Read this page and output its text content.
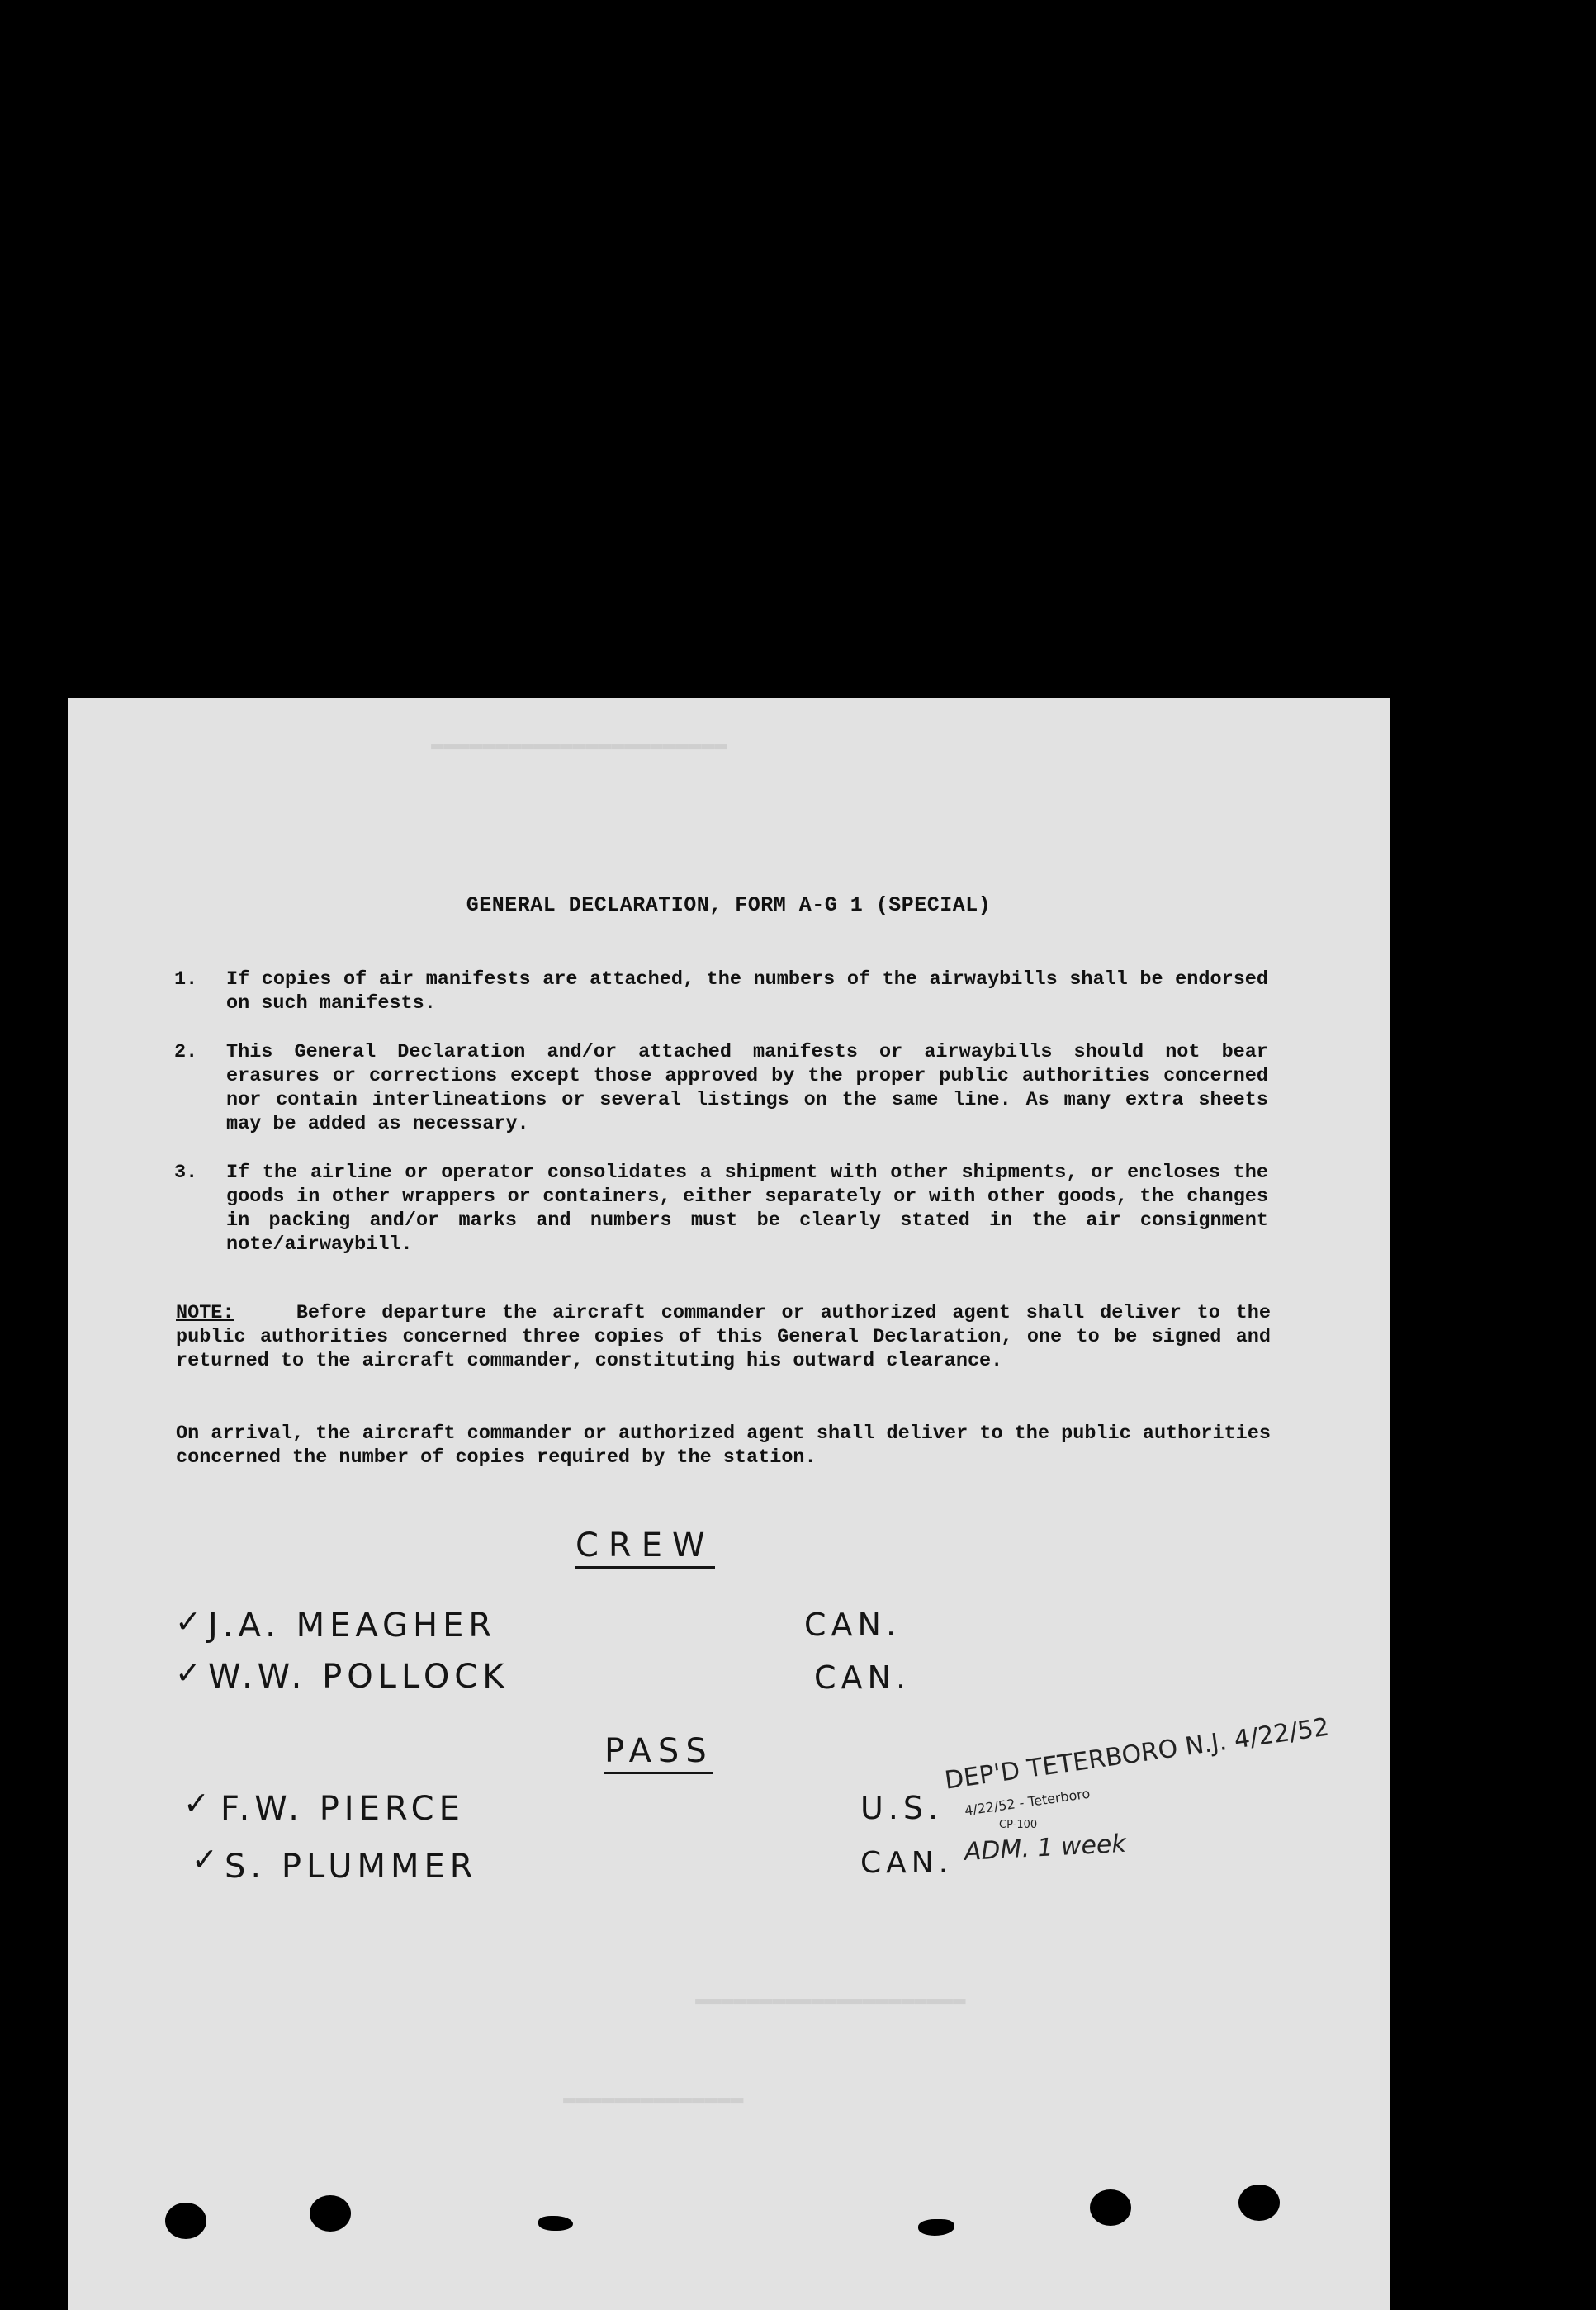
▬▬▬▬▬▬▬▬▬▬▬▬▬▬▬▬▬▬▬▬▬▬▬
▬▬▬▬▬▬▬▬▬▬▬▬▬▬▬▬▬▬▬▬▬
▬▬▬▬▬▬▬▬▬▬▬▬▬▬
GENERAL DECLARATION, FORM A-G 1 (SPECIAL)
1. If copies of air manifests are attached, the numbers of the airwaybills shall be endorsed on such manifests.
2. This General Declaration and/or attached manifests or airwaybills should not bear erasures or corrections except those approved by the proper public authorities concerned nor contain interlineations or several listings on the same line. As many extra sheets may be added as necessary.
3. If the airline or operator consolidates a shipment with other shipments, or encloses the goods in other wrappers or containers, either separately or with other goods, the changes in packing and/or marks and numbers must be clearly stated in the air consignment note/airwaybill.
NOTE:	Before departure the aircraft commander or authorized agent shall deliver to the public authorities concerned three copies of this General Declaration, one to be signed and returned to the aircraft commander, constituting his outward clearance.
On arrival, the aircraft commander or authorized agent shall deliver to the public authorities concerned the number of copies required by the station.
CREW
✓ J.A. MEAGHER	CAN.
✓ W.W. POLLOCK	CAN.
PASS
✓ F.W. PIERCE	U.S.
DEP'D TETERBORO N.J. 4/22/52
4/22/52 - Teterboro
CP-100
✓ S. PLUMMER	CAN. ADM. 1 week
